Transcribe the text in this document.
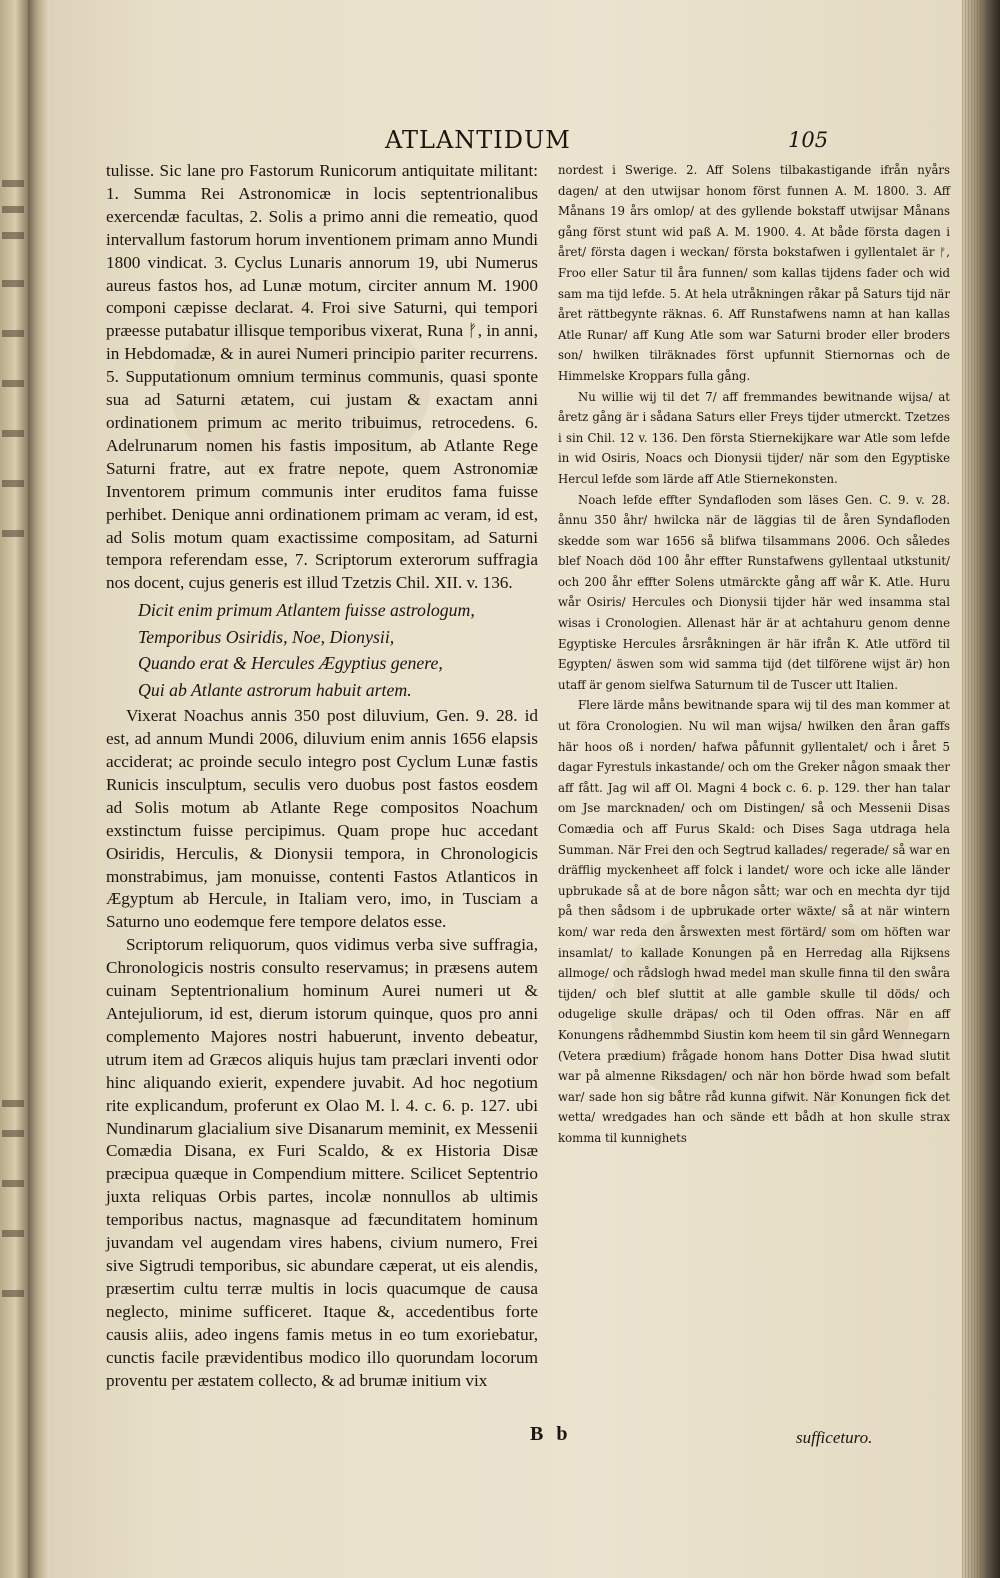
ATLANTIDUM	105

tulisse. Sic lane pro Fastorum Runicorum antiquitate militant: 1. Summa Rei Astronomicæ in locis septentrionalibus exercendæ facultas, 2. Solis a primo anni die remeatio, quod intervallum fastorum horum inventionem primam anno Mundi 1800 vindicat. 3. Cyclus Lunaris annorum 19, ubi Numerus aureus fastos hos, ad Lunæ motum, circiter annum M. 1900 componi cæpisse declarat. 4. Froi sive Saturni, qui tempori præesse putabatur illisque temporibus vixerat, Runa ᚠ, in anni, in Hebdomadæ, & in aurei Numeri principio pariter recurrens. 5. Supputationum omnium terminus communis, quasi sponte sua ad Saturni ætatem, cui justam & exactam anni ordinationem primum ac merito tribuimus, retrocedens. 6. Adelrunarum nomen his fastis impositum, ab Atlante Rege Saturni fratre, aut ex fratre nepote, quem Astronomiæ Inventorem primum communis inter eruditos fama fuisse perhibet. Denique anni ordinationem primam ac veram, id est, ad Solis motum quam exactissime compositam, ad Saturni tempora referendam esse, 7. Scriptorum exterorum suffragia nos docent, cujus generis est illud Tzetzis Chil. XII. v. 136.

Dicit enim primum Atlantem fuisse astrologum,
Temporibus Osiridis, Noe, Dionysii,
Quando erat & Hercules Ægyptius genere,
Qui ab Atlante astrorum habuit artem.

Vixerat Noachus annis 350 post diluvium, Gen. 9. 28. id est, ad annum Mundi 2006, diluvium enim annis 1656 elapsis acciderat; ac proinde seculo integro post Cyclum Lunæ fastis Runicis insculptum, seculis vero duobus post fastos eosdem ad Solis motum ab Atlante Rege compositos Noachum exstinctum fuisse percipimus. Quam prope huc accedant Osiridis, Herculis, & Dionysii tempora, in Chronologicis monstrabimus, jam monuisse, contenti Fastos Atlanticos in Ægyptum ab Hercule, in Italiam vero, imo, in Tusciam a Saturno uno eodemque fere tempore delatos esse.

Scriptorum reliquorum, quos vidimus verba sive suffragia, Chronologicis nostris consulto reservamus; in præsens autem cuinam Septentrionalium hominum Aurei numeri ut & Antejuliorum, id est, dierum istorum quinque, quos pro anni complemento Majores nostri habuerunt, invento debeatur, utrum item ad Græcos aliquis hujus tam præclari inventi odor hinc aliquando exierit, expendere juvabit. Ad hoc negotium rite explicandum, proferunt ex Olao M. l. 4. c. 6. p. 127. ubi Nundinarum glacialium sive Disanarum meminit, ex Messenii Comædia Disana, ex Furi Scaldo, & ex Historia Disæ præcipua quæque in Compendium mittere. Scilicet Septentrio juxta reliquas Orbis partes, incolæ nonnullos ab ultimis temporibus nactus, magnasque ad fæcunditatem hominum juvandam vel augendam vires habens, civium numero, Frei sive Sigtrudi temporibus, sic abundare cæperat, ut eis alendis, præsertim cultu terræ multis in locis quacumque de causa neglecto, minime sufficeret. Itaque &, accedentibus forte causis aliis, adeo ingens famis metus in eo tum exoriebatur, cunctis facile prævidentibus modico illo quorundam locorum proventu per æstatem collecto, & ad brumæ initium vix

nordest i Swerige. 2. Aff Solens tilbakastigande ifrån nyårs dagen/ at den utwijsar honom först funnen A. M. 1800. 3. Aff Månans 19 års omlop/ at des gyllende bokstaff utwijsar Månans gång först stunt wid paß A. M. 1900. 4. At både första dagen i året/ första dagen i weckan/ första bokstafwen i gyllentalet är ᚠ, Froo eller Satur til åra funnen/ som kallas tijdens fader och wid sam ma tijd lefde. 5. At hela utråkningen råkar på Saturs tijd när året rättbegynte räknas. 6. Aff Runstafwens namn at han kallas Atle Runar/ aff Kung Atle som war Saturni broder eller broders son/ hwilken tilräknades först upfunnit Stiernornas och de Himmelske Kroppars fulla gång.

Nu willie wij til det 7/ aff fremmandes bewitnande wijsa/ at åretz gång är i sådana Saturs eller Freys tijder utmerckt. Tzetzes i sin Chil. 12 v. 136. Den första Stiernekijkare war Atle som lefde in wid Osiris, Noacs och Dionysii tijder/ när som den Egyptiske Hercul lefde som lärde aff Atle Stiernekonsten.

Noach lefde effter Syndafloden som läses Gen. C. 9. v. 28. ånnu 350 åhr/ hwilcka när de läggias til de åren Syndafloden skedde som war 1656 så blifwa tilsammans 2006. Och således blef Noach död 100 åhr effter Runstafwens gyllentaal utkstunit/ och 200 åhr effter Solens utmärckte gång aff wår K. Atle. Huru wår Osiris/ Hercules och Dionysii tijder här wed insamma stal wisas i Cronologien. Allenast här är at achtahuru genom denne Egyptiske Hercules årsråkningen är här ifrån K. Atle utförd til Egypten/ äswen som wid samma tijd (det tilförene wijst är) hon utaff är genom sielfwa Saturnum til de Tuscer utt Italien.

Flere lärde måns bewitnande spara wij til des man kommer at ut föra Cronologien. Nu wil man wijsa/ hwilken den åran gaffs här hoos oß i norden/ hafwa påfunnit gyllentalet/ och i året 5 dagar Fyrestuls inkastande/ och om the Greker någon smaak ther aff fått. Jag wil aff Ol. Magni 4 bock c. 6. p. 129. ther han talar om Jse marcknaden/ och om Distingen/ så och Messenii Disas Comædia och aff Furus Skald: och Dises Saga utdraga hela Summan. När Frei den och Segtrud kallades/ regerade/ så war en dräfflig myckenheet aff folck i landet/ wore och icke alle länder upbrukade så at de bore någon sått; war och en mechta dyr tijd på then sådsom i de upbrukade orter wäxte/ så at när wintern kom/ war reda den årswexten mest förtärd/ som om höften war insamlat/ to kallade Konungen på en Herredag alla Rijksens allmoge/ och rådslogh hwad medel man skulle finna til den swåra tijden/ och blef sluttit at alle gamble skulle til döds/ och odugelige skulle dräpas/ och til Oden offras. När en aff Konungens rådhemmbd Siustin kom heem til sin gård Wennegarn (Vetera prædium) frågade honom hans Dotter Disa hwad slutit war på almenne Riksdagen/ och när hon börde hwad som befalt war/ sade hon sig båtre råd kunna gifwit. När Konungen fick det wetta/ wredgades han och sände ett bådh at hon skulle strax komma til kunnighets

B b	sufficeturo.
